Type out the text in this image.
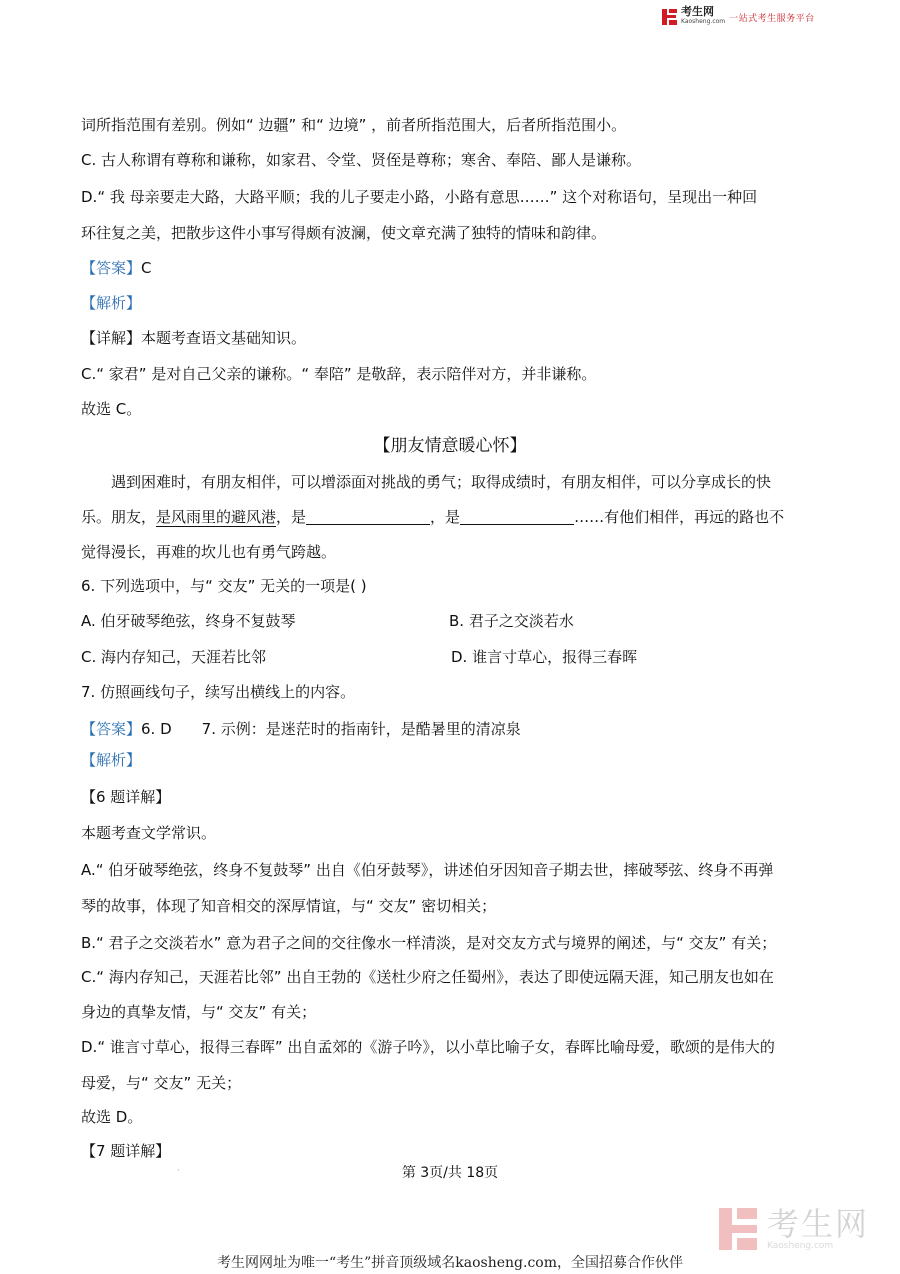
考生网
Kaosheng.com 一站式考生服务平台
词所指范围有差别。例如“ 边疆” 和“ 边境” ，前者所指范围大，后者所指范围小。
C. 古人称谓有尊称和谦称，如家君、令堂、贤侄是尊称；寒舍、奉陪、鄙人是谦称。
D.“ 我 母亲要走大路，大路平顺；我的儿子要走小路，小路有意思……” 这个对称语句，呈现出一种回
环往复之美，把散步这件小事写得颇有波澜，使文章充满了独特的情味和韵律。
【答案】C
【解析】
【详解】本题考查语文基础知识。
C.“ 家君” 是对自己父亲的谦称。“ 奉陪” 是敬辞，表示陪伴对方，并非谦称。
故选 C。
【朋友情意暖心怀】
遇到困难时，有朋友相伴，可以增添面对挑战的勇气；取得成绩时，有朋友相伴，可以分享成长的快
乐。朋友，是风雨里的避风港，是	，是	……有他们相伴，再远的路也不
觉得漫长，再难的坎儿也有勇气跨越。
6. 下列选项中，与“ 交友” 无关的一项是( )
A. 伯牙破琴绝弦，终身不复鼓琴	B. 君子之交淡若水
C. 海内存知己，天涯若比邻	D. 谁言寸草心，报得三春晖
7. 仿照画线句子，续写出横线上的内容。
【答案】6. D 7. 示例：是迷茫时的指南针，是酷暑里的清凉泉
【解析】
【6 题详解】
本题考查文学常识。
A.“ 伯牙破琴绝弦，终身不复鼓琴” 出自《伯牙鼓琴》，讲述伯牙因知音子期去世，摔破琴弦、终身不再弹
琴的故事，体现了知音相交的深厚情谊，与“ 交友” 密切相关；
B.“ 君子之交淡若水” 意为君子之间的交往像水一样清淡，是对交友方式与境界的阐述，与“ 交友” 有关；
C.“ 海内存知己，天涯若比邻” 出自王勃的《送杜少府之任蜀州》，表达了即使远隔天涯，知己朋友也如在
身边的真挚友情，与“ 交友” 有关；
D.“ 谁言寸草心，报得三春晖” 出自孟郊的《游子吟》，以小草比喻子女，春晖比喻母爱，歌颂的是伟大的
母爱，与“ 交友” 无关；
故选 D。
【7 题详解】
·	第 3页/共 18页
考生网
Kaosheng.com
考生网网址为唯一“考生”拼音顶级域名kaosheng.com，全国招募合作伙伴
